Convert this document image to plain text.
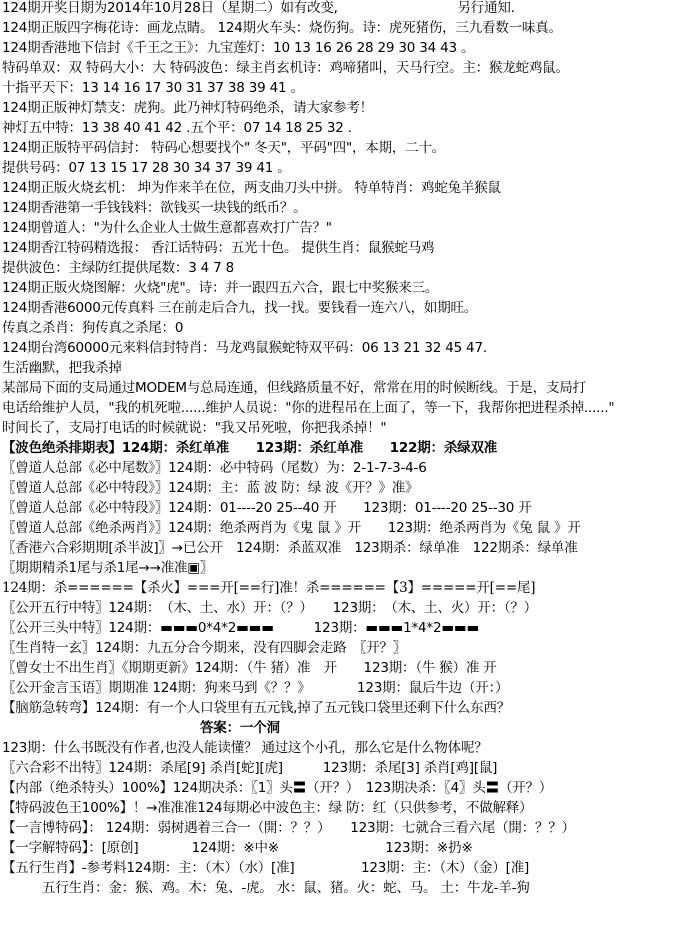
124期开奖日期为2014年10月28日（星期二）如有改变,　　　　　　　　　另行通知.
124期正版四字梅花诗：画龙点睛。 124期火车头：烧伤狗。诗：虎死猪伤，三九看数一味真。
124期香港地下信封《千王之王》：九宝莲灯：10 13 16 26 28 29 30 34 43 。
特码单双：双 特码大小：大 特码波色：绿主肖玄机诗：鸡啼猪叫，天马行空。主：猴龙蛇鸡鼠。
十指平天下：13 14 16 17 30 31 37 38 39 41 。
124期正版神灯禁支：虎狗。此乃神灯特码绝杀，请大家参考！
神灯五中特：13 38 40 41 42 .五个平：07 14 18 25 32 .
124期正版特平码信封： 特码心想要找个" 冬天"，平码"四"，本期，二十。
提供号码：07 13 15 17 28 30 34 37 39 41 。
124期正版火烧玄机： 坤为作来羊在位，两支曲刀头中拼。 特单特肖：鸡蛇兔羊猴鼠
124期香港第一手钱钱料：欲钱买一块钱的纸币？。
124期曾道人："为什么企业人士做生意都喜欢打广告？"
124期香江特码精选报： 香江话特码：五光十色。 提供生肖：鼠猴蛇马鸡
提供波色：主绿防红提供尾数：3 4 7 8
124期正版火烧图解：火烧"虎"。诗：并一跟四五六合，跟七中奖猴来三。
124期香港6000元传真料 三在前走后合九，找一找。要钱看一连六八，如期旺。
传真之杀肖：狗传真之杀尾：0
124期台湾60000元来料信封特肖：马龙鸡鼠猴蛇特双平码：06 13 21 32 45 47.
生活幽默，把我杀掉
某部局下面的支局通过MODEM与总局连通，但线路质量不好，常常在用的时候断线。于是，支局打
电话给维护人员，"我的机死啦......维护人员说："你的进程吊在上面了，等一下，我帮你把进程杀掉......"
时间长了，支局打电话的时候就说："我又吊死啦，你把我杀掉！"
【波色绝杀排期表】124期：杀红单准　　123期：杀红单准　　122期：杀绿双准
〖曾道人总部《必中尾数》〗124期：必中特码（尾数）为：2-1-7-3-4-6
〖曾道人总部《必中特段》〗124期：主：蓝 波 防：绿 波《开？》准》
〖曾道人总部《必中特段》〗124期：01----20 25--40 开　　123期：01----20 25--30 开
〖曾道人总部《绝杀两肖》〗124期：绝杀两肖为《鬼 鼠 》开　　123期：绝杀两肖为《兔 鼠 》开
〖香港六合彩期期[杀半波]〗→已公开　124期：杀蓝双准　123期杀：绿单准　122期杀：绿单准
〖期期精杀1尾与杀1尾→→准准▣〗
124期：杀======【杀火】===开[==行]准！杀======【3】=====开[==尾]
〖公开五行中特〗124期：　（木、土、水）开：（？）　　123期：　（木、土、火）开：（？）
〖公开三头中特〗124期：▬▬▬0*4*2▬▬▬　　　123期：▬▬▬1*4*2▬▬▬
〖生肖特一玄〗124期：九五分合今期来，没有四脚会走路　〖开？〗
〖曾女士不出生肖〗《期期更新》124期：（牛 猪）准　开　　123期：（牛 猴）准 开
〖公开金言玉语〗期期准 124期：狗来马到《？？》　　　　123期：鼠后牛边（开：）
【脑筋急转弯】124期：有一个人口袋里有五元钱,掉了五元钱口袋里还剩下什么东西？
答案：一个洞
123期：什么书既没有作者,也没人能读懂？ 通过这个小孔，那么它是什么物体呢？
〖六合彩不出特〗124期：杀尾[9] 杀肖[蛇][虎]　　　123期：杀尾[3] 杀肖[鸡][鼠]
【内部（绝杀特头）100%】124期决杀：〖1〗头〓（开？）　123期决杀：〖4〗头〓（开？）
【特码波色王100%】！→准准准124每期必中波色主：绿 防：红（只供参考，不做解释）
【一言博特码】： 124期：弱树遇着三合一（開：？？）　　123期：七就合三看六尾（開：？？）
【一字解特码】：[原创]　　　　124期：※中※　　　　　　　　123期：※扔※
【五行生肖】-参考料124期：主：（木）（水）[准]　　　　　123期：主：（木）（金）[准]
　　　五行生肖：金：猴、鸡。木：兔、-虎。 水：鼠、猪。火：蛇、马。 土：牛龙-羊-狗
